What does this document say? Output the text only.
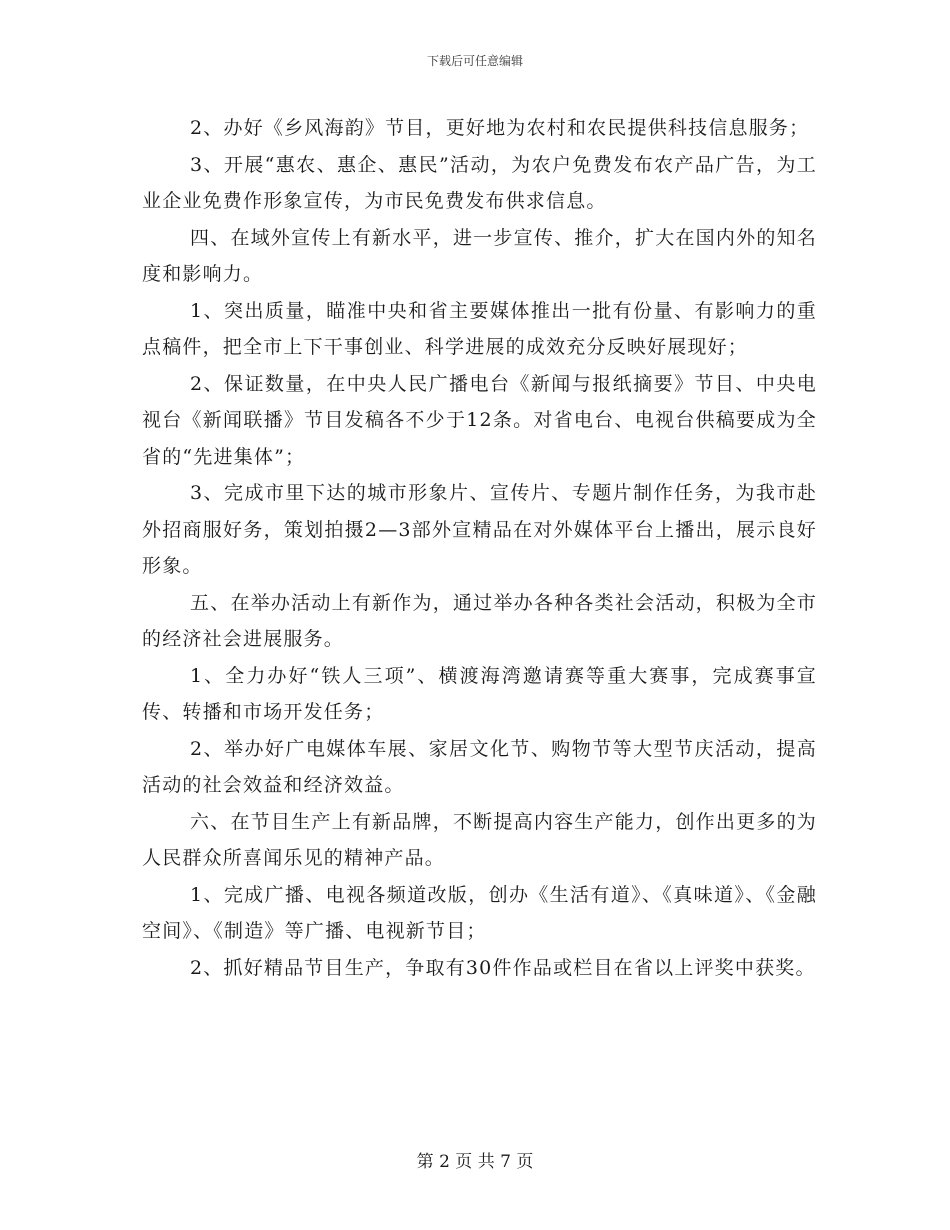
下载后可任意编辑

2、办好《乡风海韵》节目，更好地为农村和农民提供科技信息服务；

3、开展“惠农、惠企、惠民”活动，为农户免费发布农产品广告，为工业企业免费作形象宣传，为市民免费发布供求信息。

四、在域外宣传上有新水平，进一步宣传、推介，扩大在国内外的知名度和影响力。

1、突出质量，瞄准中央和省主要媒体推出一批有份量、有影响力的重点稿件，把全市上下干事创业、科学进展的成效充分反映好展现好；

2、保证数量，在中央人民广播电台《新闻与报纸摘要》节目、中央电视台《新闻联播》节目发稿各不少于12条。对省电台、电视台供稿要成为全省的“先进集体”；

3、完成市里下达的城市形象片、宣传片、专题片制作任务，为我市赴外招商服好务，策划拍摄2—3部外宣精品在对外媒体平台上播出，展示良好形象。

五、在举办活动上有新作为，通过举办各种各类社会活动，积极为全市的经济社会进展服务。

1、全力办好“铁人三项”、横渡海湾邀请赛等重大赛事，完成赛事宣传、转播和市场开发任务；

2、举办好广电媒体车展、家居文化节、购物节等大型节庆活动，提高活动的社会效益和经济效益。

六、在节目生产上有新品牌，不断提高内容生产能力，创作出更多的为人民群众所喜闻乐见的精神产品。

1、完成广播、电视各频道改版，创办《生活有道》、《真味道》、《金融空间》、《制造》等广播、电视新节目；

2、抓好精品节目生产，争取有30件作品或栏目在省以上评奖中获奖。

第 2 页 共 7 页
